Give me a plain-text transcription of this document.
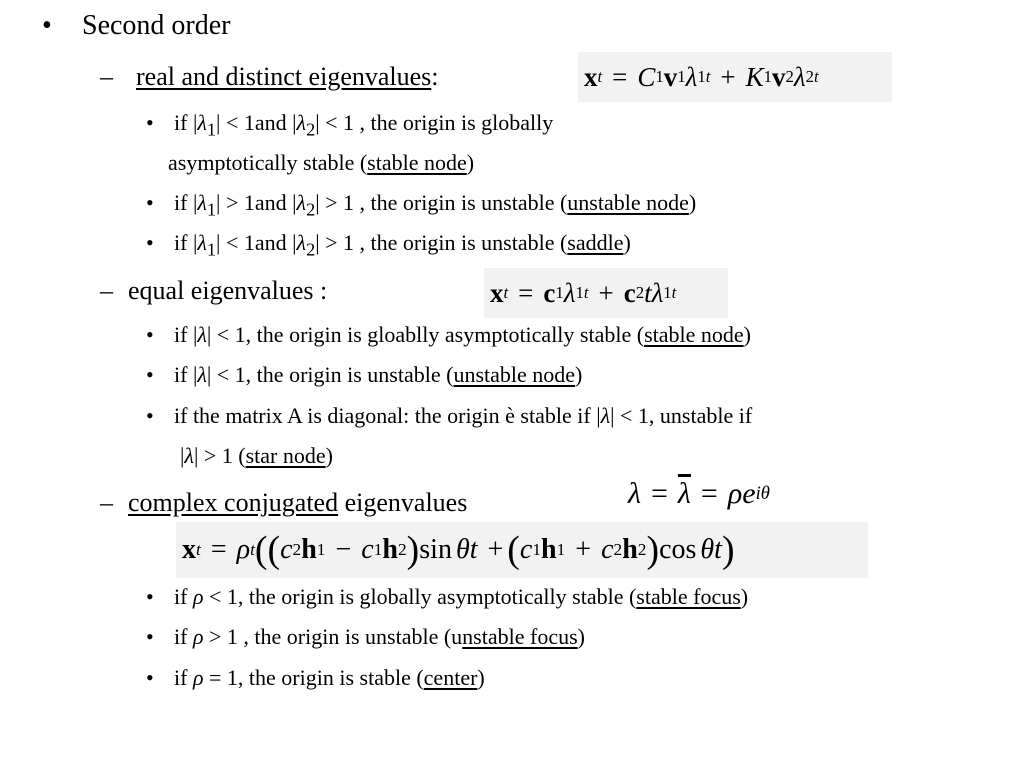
• Second order
– real and distinct eigenvalues:	x t = C 1 v 1 λ 1 t + K 1 v 2 λ 2 t
• if $|\lambda_1| < 1and$ $|\lambda_2| < 1$ , the origin is globally
asymptotically stable (stable node)
• if $|\lambda_1| > 1and$ $|\lambda_2| > 1$ , the origin is unstable (unstable node)
• if $|\lambda_1| < 1and$ $|\lambda_2| > 1$ , the origin is unstable (saddle)
– equal eigenvalues :	x t = c 1 λ 1 t + c 2 t λ 1 t
• if |λ| < 1, the origin is gloablly asymptotically stable (stable node)
• if |λ| < 1, the origin is unstable (unstable node)
• if the matrix A is diagonal: the origin è stable if |λ| < 1, unstable if
|λ| > 1 (star node)
– complex conjugated eigenvalues	$\lambda = \overline{\lambda} = \rho$ e iθ
x t = ρ t ( ( c 2 h 1 − c 1 h 2 ) sin θ t + ( c 1 h 1 + c 2 h 2 ) cos θ t )
• if ρ < 1, the origin is globally asymptotically stable (stable focus)
• if ρ > 1 , the origin is unstable (unstable focus)
• if ρ = 1, the origin is stable (center)
